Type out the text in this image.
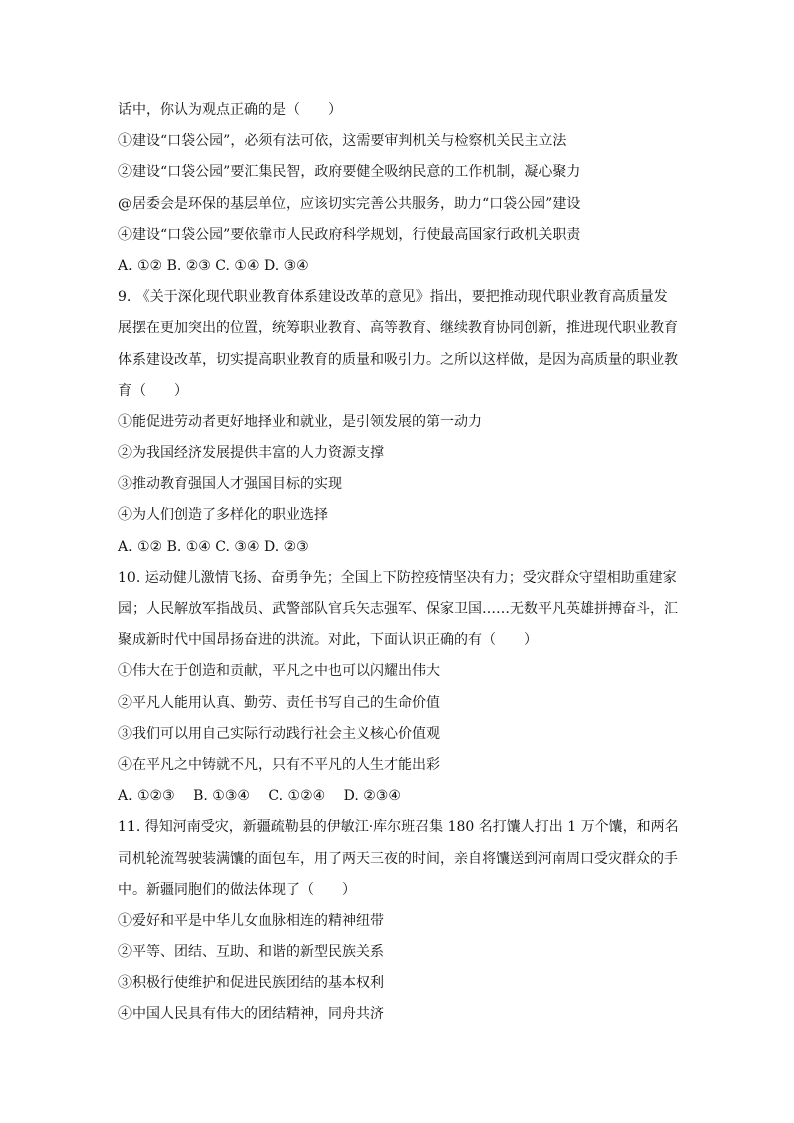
话中，你认为观点正确的是（　　）
①建设“口袋公园”，必须有法可依，这需要审判机关与检察机关民主立法
②建设“口袋公园”要汇集民智，政府要健全吸纳民意的工作机制，凝心聚力
@居委会是环保的基层单位，应该切实完善公共服务，助力“口袋公园”建设
④建设“口袋公园”要依靠市人民政府科学规划，行使最高国家行政机关职责
A. ①② B. ②③ C. ①④ D. ③④
9. 《关于深化现代职业教育体系建设改革的意见》指出，要把推动现代职业教育高质量发
展摆在更加突出的位置，统筹职业教育、高等教育、继续教育协同创新，推进现代职业教育
体系建设改革，切实提高职业教育的质量和吸引力。之所以这样做，是因为高质量的职业教
育（　　）
①能促进劳动者更好地择业和就业，是引领发展的第一动力
②为我国经济发展提供丰富的人力资源支撑
③推动教育强国人才强国目标的实现
④为人们创造了多样化的职业选择
A. ①② B. ①④ C. ③④ D. ②③
10. 运动健儿激情飞扬、奋勇争先；全国上下防控疫情坚决有力；受灾群众守望相助重建家
园；人民解放军指战员、武警部队官兵矢志强军、保家卫国……无数平凡英雄拼搏奋斗，汇
聚成新时代中国昂扬奋进的洪流。对此，下面认识正确的有（　　）
①伟大在于创造和贡献，平凡之中也可以闪耀出伟大
②平凡人能用认真、勤劳、责任书写自己的生命价值
③我们可以用自己实际行动践行社会主义核心价值观
④在平凡之中铸就不凡，只有不平凡的人生才能出彩
A. ①②③　 B. ①③④　 C. ①②④　 D. ②③④
11. 得知河南受灾，新疆疏勒县的伊敏江·库尔班召集 180 名打馕人打出 1 万个馕，和两名
司机轮流驾驶装满馕的面包车，用了两天三夜的时间，亲自将馕送到河南周口受灾群众的手
中。新疆同胞们的做法体现了（　　）
①爱好和平是中华儿女血脉相连的精神纽带
②平等、团结、互助、和谐的新型民族关系
③积极行使维护和促进民族团结的基本权利
④中国人民具有伟大的团结精神，同舟共济
